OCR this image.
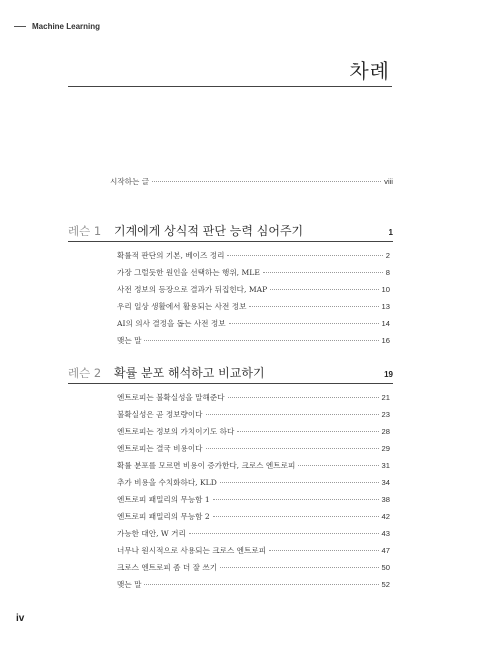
Machine Learning
차례
시작하는 글	viii
레슨 1	기계에게 상식적 판단 능력 심어주기	1
확률적 판단의 기본, 베이즈 정리	2
가장 그럴듯한 원인을 선택하는 행위, MLE	8
사전 정보의 등장으로 결과가 뒤집힌다, MAP	10
우리 일상 생활에서 활용되는 사전 정보	13
AI의 의사 결정을 돕는 사전 정보	14
맺는 말	16
레슨 2	확률 분포 해석하고 비교하기	19
엔트로피는 불확실성을 말해준다	21
불확실성은 곧 정보량이다	23
엔트로피는 정보의 가치이기도 하다	28
엔트로피는 결국 비용이다	29
확률 분포를 모르면 비용이 증가한다, 크로스 엔트로피	31
추가 비용을 수치화하다, KLD	34
엔트로피 패밀리의 무능함 1	38
엔트로피 패밀리의 무능함 2	42
가능한 대안, W 거리	43
너무나 원시적으로 사용되는 크로스 엔트로피	47
크로스 엔트로피 좀 더 잘 쓰기	50
맺는 말	52
iv
